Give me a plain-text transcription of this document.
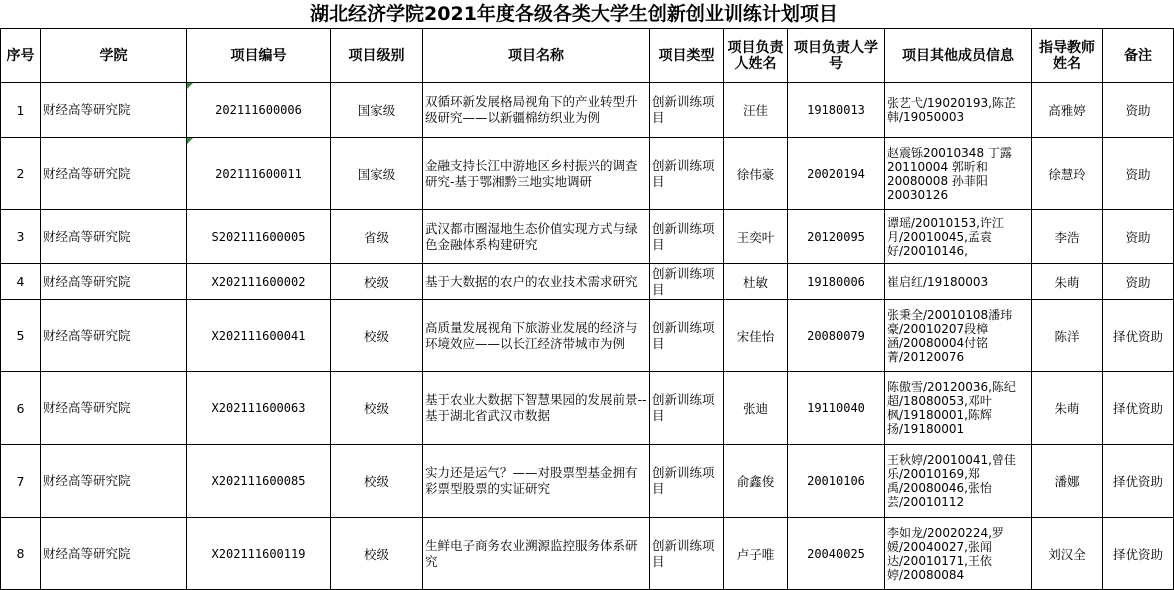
湖北经济学院2021年度各级各类大学生创新创业训练计划项目
序号	学院	项目编号	项目级别	项目名称	项目类型	项目负责人姓名	项目负责人学号	项目其他成员信息	指导教师姓名	备注
1	财经高等研究院	202111600006	国家级	双循环新发展格局视角下的产业转型升级研究——以新疆棉纺织业为例	创新训练项目	汪佳	19180013	张艺弋/19020193,陈芷韩/19050003	高雅婷	资助
2	财经高等研究院	202111600011	国家级	金融支持长江中游地区乡村振兴的调查研究-基于鄂湘黔三地实地调研	创新训练项目	徐伟豪	20020194	赵震铄20010348 丁露20110004 郭昕和20080008 孙菲阳20030126	徐慧玲	资助
3	财经高等研究院	S202111600005	省级	武汉都市圈湿地生态价值实现方式与绿色金融体系构建研究	创新训练项目	王奕叶	20120095	谭瑶/20010153,许江月/20010045,孟袁好/20010146,	李浩	资助
4	财经高等研究院	X202111600002	校级	基于大数据的农户的农业技术需求研究	创新训练项目	杜敏	19180006	崔启红/19180003	朱萌	资助
5	财经高等研究院	X202111600041	校级	高质量发展视角下旅游业发展的经济与环境效应——以长江经济带城市为例	创新训练项目	宋佳怡	20080079	张秉全/20010108潘玮豪/20010207段樟涵/20080004付铭菁/20120076	陈洋	择优资助
6	财经高等研究院	X202111600063	校级	基于农业大数据下智慧果园的发展前景--基于湖北省武汉市数据	创新训练项目	张迪	19110040	陈傲雪/20120036,陈纪超/18080053,邓叶枫/19180001,陈辉扬/19180001	朱萌	择优资助
7	财经高等研究院	X202111600085	校级	实力还是运气？——对股票型基金拥有彩票型股票的实证研究	创新训练项目	俞鑫俊	20010106	王秋婷/20010041,曾佳乐/20010169,郑禹/20080046,张怡芸/20010112	潘娜	择优资助
8	财经高等研究院	X202111600119	校级	生鲜电子商务农业溯源监控服务体系研究	创新训练项目	卢子唯	20040025	李如龙/20020224,罗媛/20040027,张闻达/20010171,王依婷/20080084	刘汉全	择优资助
